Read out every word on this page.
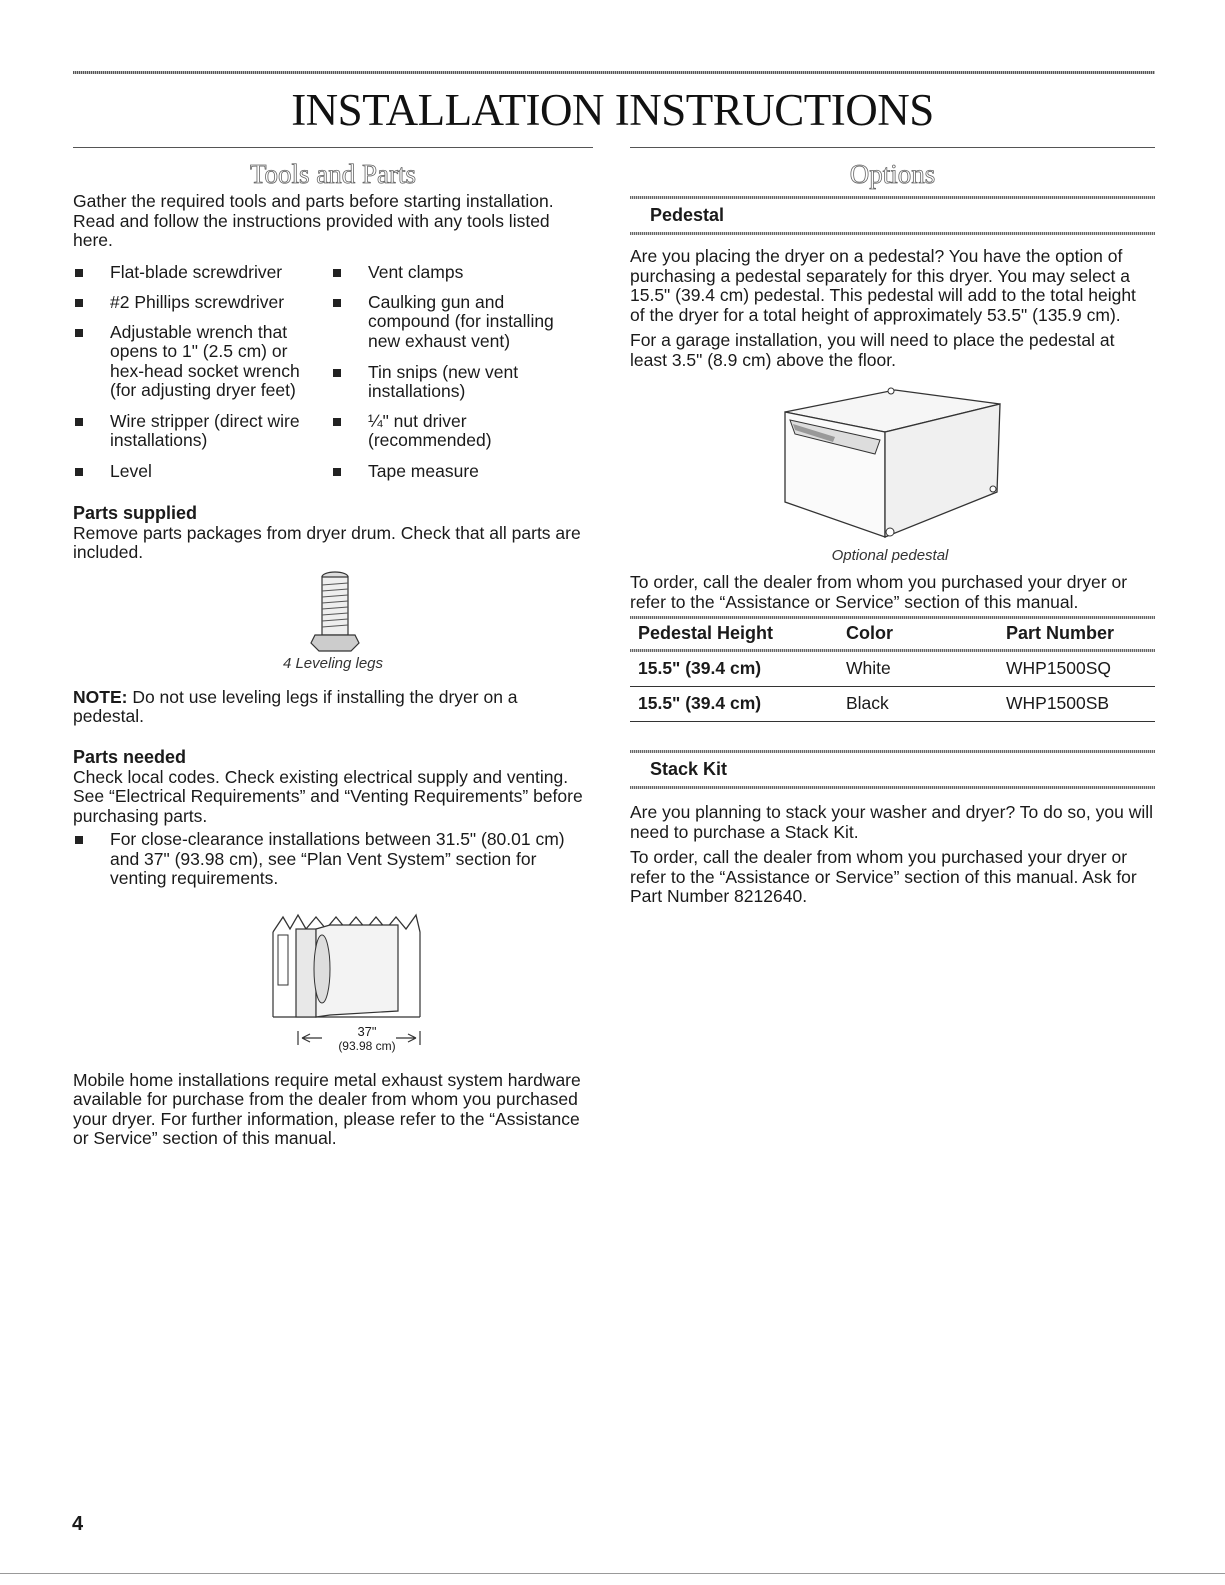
INSTALLATION INSTRUCTIONS
Tools and Parts

Gather the required tools and parts before starting installation. Read and follow the instructions provided with any tools listed here.

Flat-blade screwdriver
#2 Phillips screwdriver
Adjustable wrench that opens to 1" (2.5 cm) or hex-head socket wrench (for adjusting dryer feet)
Wire stripper (direct wire installations)
Level
Vent clamps
Caulking gun and compound (for installing new exhaust vent)
Tin snips (new vent installations)
¼" nut driver (recommended)
Tape measure
Parts supplied

Remove parts packages from dryer drum. Check that all parts are included.

4 Leveling legs

NOTE: Do not use leveling legs if installing the dryer on a pedestal.

Parts needed

Check local codes. Check existing electrical supply and venting. See “Electrical Requirements” and “Venting Requirements” before purchasing parts.

For close-clearance installations between 31.5" (80.01 cm) and 37" (93.98 cm), see “Plan Vent System” section for venting requirements.

37"
(93.98 cm)

Mobile home installations require metal exhaust system hardware available for purchase from the dealer from whom you purchased your dryer. For further information, please refer to the “Assistance or Service” section of this manual.

Options
Pedestal

Are you placing the dryer on a pedestal? You have the option of purchasing a pedestal separately for this dryer. You may select a 15.5" (39.4 cm) pedestal. This pedestal will add to the total height of the dryer for a total height of approximately 53.5" (135.9 cm).

For a garage installation, you will need to place the pedestal at least 3.5" (8.9 cm) above the floor.

Optional pedestal

To order, call the dealer from whom you purchased your dryer or refer to the “Assistance or Service” section of this manual.

Pedestal Height	Color	Part Number

15.5" (39.4 cm)	White	WHP1500SQ
15.5" (39.4 cm)	Black	WHP1500SB
Stack Kit

Are you planning to stack your washer and dryer? To do so, you will need to purchase a Stack Kit.

To order, call the dealer from whom you purchased your dryer or refer to the “Assistance or Service” section of this manual. Ask for Part Number 8212640.

4
